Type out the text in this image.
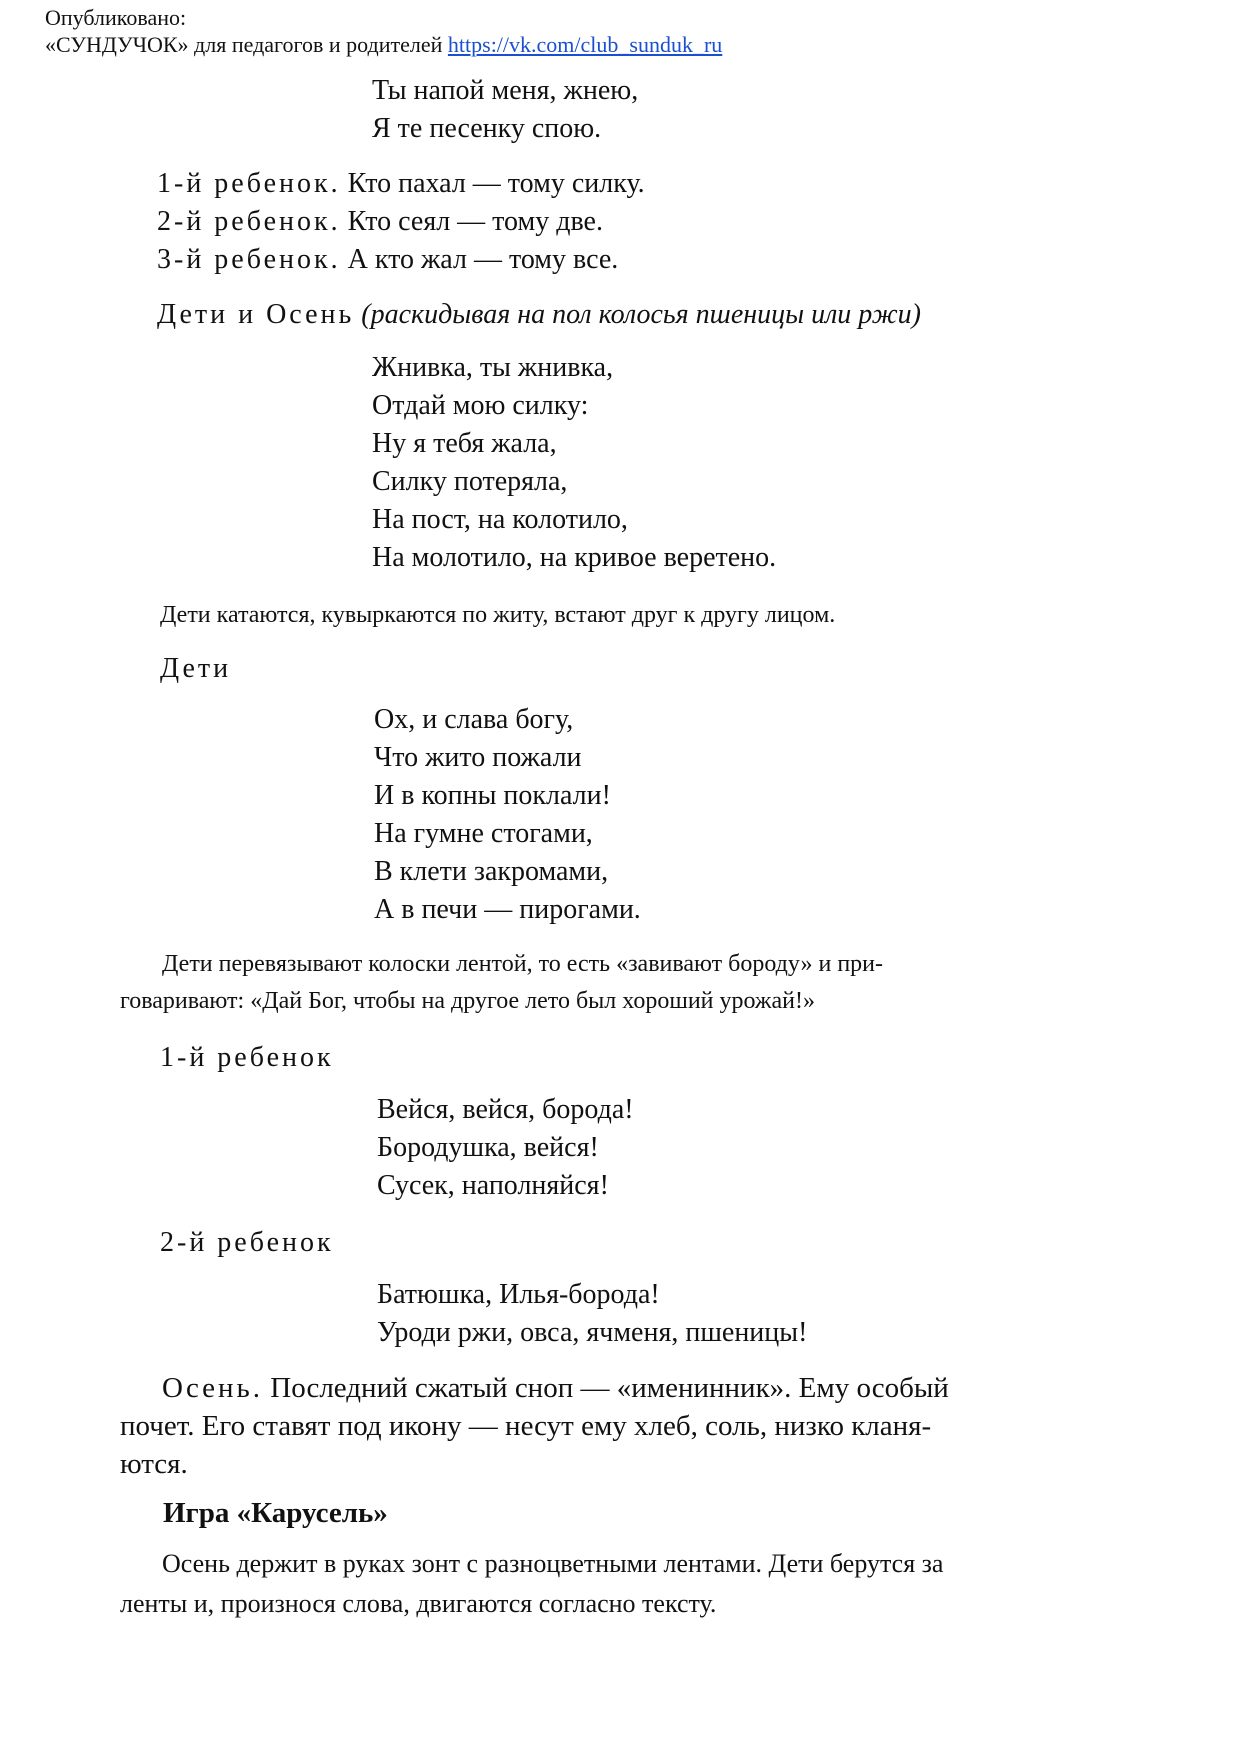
Опубликовано:
«СУНДУЧОК» для педагогов и родителей https://vk.com/club_sunduk_ru
Ты напой меня, жнею,
Я те песенку спою.
1-й ребенок. Кто пахал — тому силку.
2-й ребенок. Кто сеял — тому две.
3-й ребенок. А кто жал — тому все.
Дети и Осень (раскидывая на пол колосья пшеницы или ржи)
Жнивка, ты жнивка,
Отдай мою силку:
Ну я тебя жала,
Силку потеряла,
На пост, на колотило,
На молотило, на кривое веретено.
Дети катаются, кувыркаются по житу, встают друг к другу лицом.
Дети
Ох, и слава богу,
Что жито пожали
И в копны поклали!
На гумне стогами,
В клети закромами,
А в печи — пирогами.
Дети перевязывают колоски лентой, то есть «завивают бороду» и при-
говаривают: «Дай Бог, чтобы на другое лето был хороший урожай!»
1-й ребенок
Вейся, вейся, борода!
Бородушка, вейся!
Сусек, наполняйся!
2-й ребенок
Батюшка, Илья-борода!
Уроди ржи, овса, ячменя, пшеницы!
Осень. Последний сжатый сноп — «именинник». Ему особый
почет. Его ставят под икону — несут ему хлеб, соль, низко кланя-
ются.
Игра «Карусель»
Осень держит в руках зонт с разноцветными лентами. Дети берутся за
ленты и, произнося слова, двигаются согласно тексту.
